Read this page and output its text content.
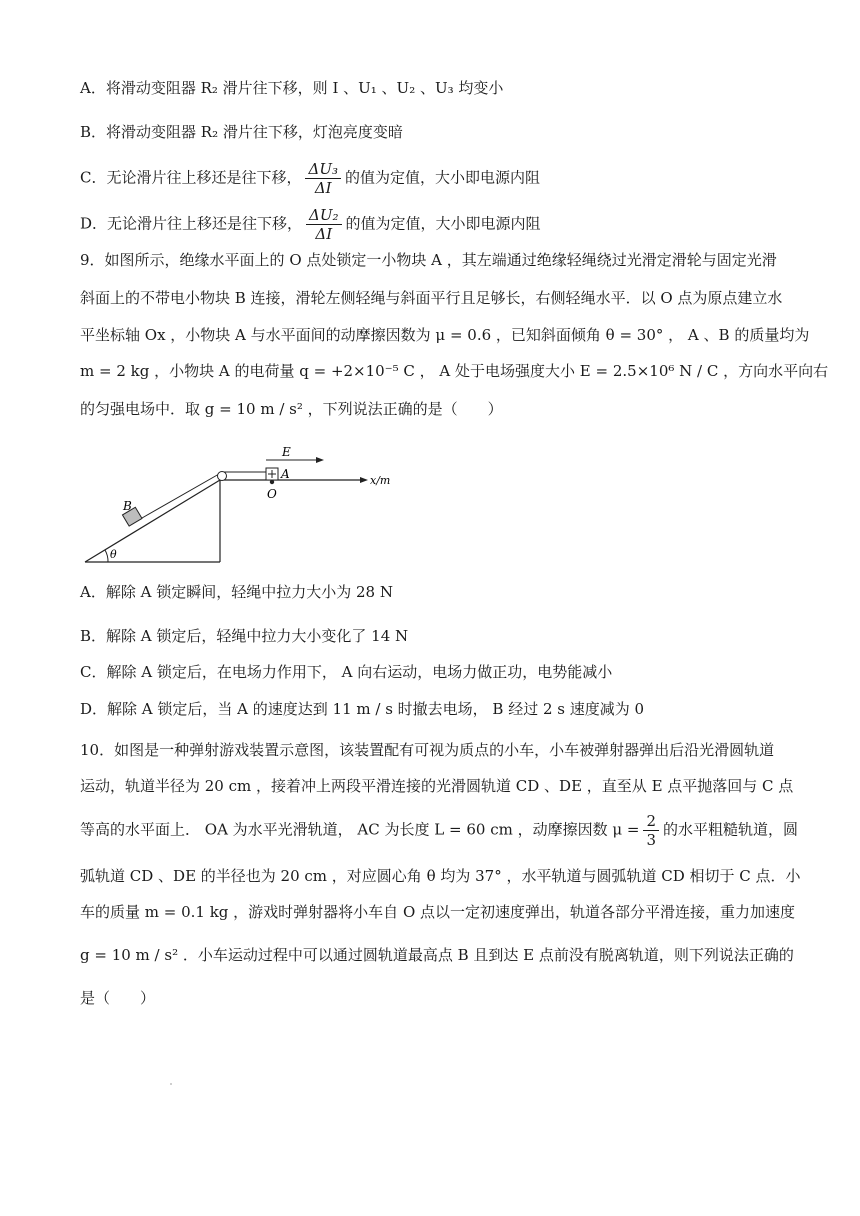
A．将滑动变阻器 R₂ 滑片往下移，则 I 、U₁ 、U₂ 、U₃ 均变小
B．将滑动变阻器 R₂ 滑片往下移，灯泡亮度变暗
C．无论滑片往上移还是往下移， $\frac{\text{ΔU₃}}{\Delta I}$ 的值为定值，大小即电源内阻
D．无论滑片往上移还是往下移， $\frac{\text{ΔU₂}}{\Delta I}$ 的值为定值，大小即电源内阻
9．如图所示，绝缘水平面上的 O 点处锁定一小物块 A ，其左端通过绝缘轻绳绕过光滑定滑轮与固定光滑
斜面上的不带电小物块 B 连接，滑轮左侧轻绳与斜面平行且足够长，右侧轻绳水平．以 O 点为原点建立水
平坐标轴 Ox ，小物块 A 与水平面间的动摩擦因数为 μ = 0.6 ，已知斜面倾角 θ = 30° ， A 、B 的质量均为
m = 2 kg ，小物块 A 的电荷量 q = +2×10⁻⁵ C ， A 处于电场强度大小 E = 2.5×10⁶ N / C ，方向水平向右
的匀强电场中．取 g = 10 m / s² ，下列说法正确的是（　　）
E
A
O
B
θ
x/m
A．解除 A 锁定瞬间，轻绳中拉力大小为 28 N
B．解除 A 锁定后，轻绳中拉力大小变化了 14 N
C．解除 A 锁定后，在电场力作用下， A 向右运动，电场力做正功，电势能减小
D．解除 A 锁定后，当 A 的速度达到 11 m / s 时撤去电场， B 经过 2 s 速度减为 0
10．如图是一种弹射游戏装置示意图，该装置配有可视为质点的小车，小车被弹射器弹出后沿光滑圆轨道
运动，轨道半径为 20 cm ，接着冲上两段平滑连接的光滑圆轨道 CD 、DE ，直至从 E 点平抛落回与 C 点
等高的水平面上． OA 为水平光滑轨道， AC 为长度 L = 60 cm ，动摩擦因数 $\mu = \frac{2}{3}$ 的水平粗糙轨道，圆
弧轨道 CD 、DE 的半径也为 20 cm ，对应圆心角 θ 均为 37° ，水平轨道与圆弧轨道 CD 相切于 C 点．小
车的质量 m = 0.1 kg ，游戏时弹射器将小车自 O 点以一定初速度弹出，轨道各部分平滑连接，重力加速度
g = 10 m / s² ．小车运动过程中可以通过圆轨道最高点 B 且到达 E 点前没有脱离轨道，则下列说法正确的
是（　　）
